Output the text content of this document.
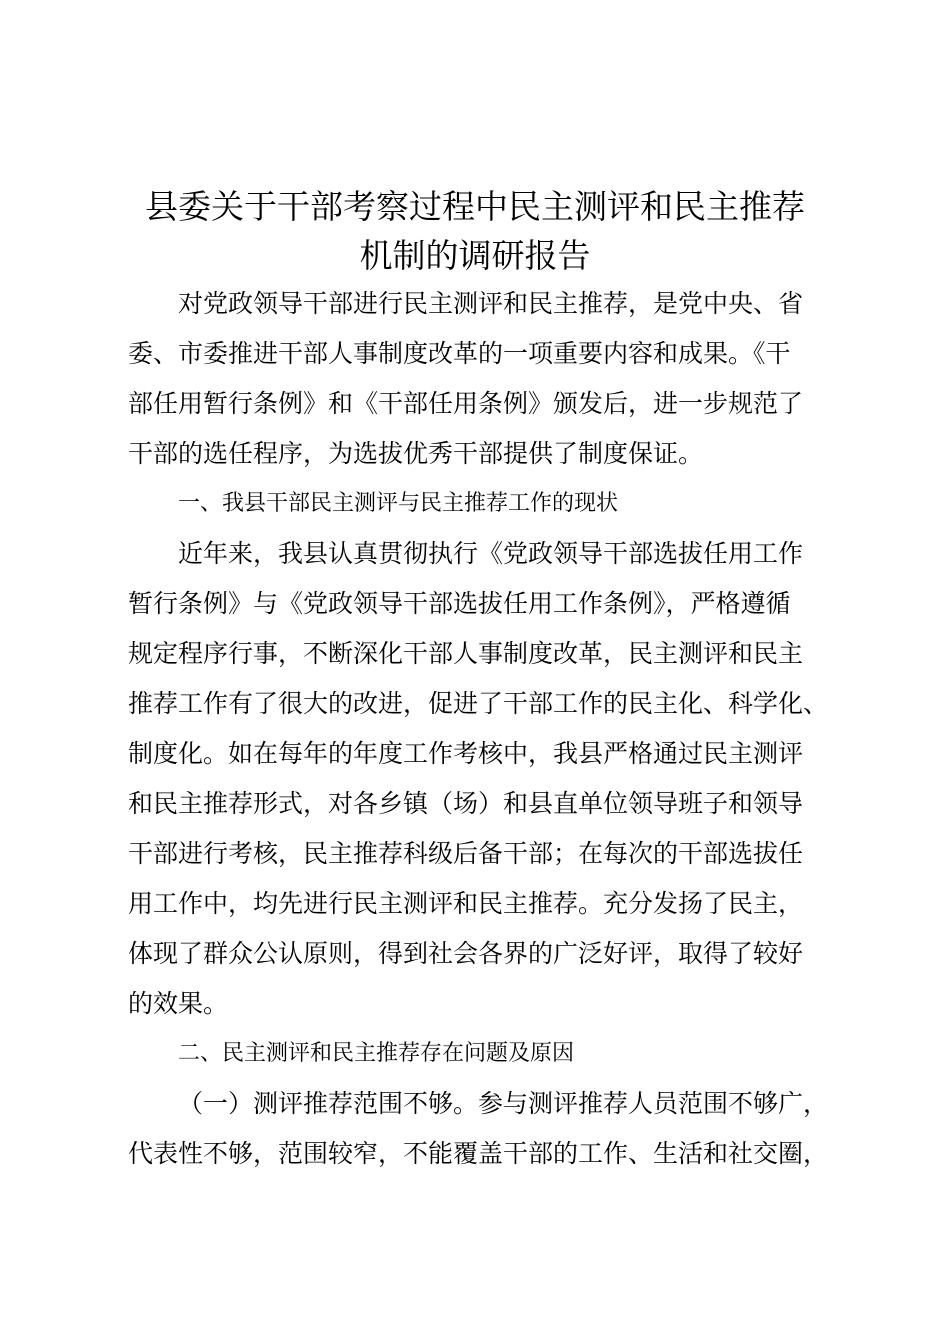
县委关于干部考察过程中民主测评和民主推荐
机制的调研报告
对党政领导干部进行民主测评和民主推荐，是党中央、省
委、市委推进干部人事制度改革的一项重要内容和成果。《干
部任用暂行条例》和《干部任用条例》颁发后，进一步规范了
干部的选任程序，为选拔优秀干部提供了制度保证。
一、我县干部民主测评与民主推荐工作的现状
近年来，我县认真贯彻执行《党政领导干部选拔任用工作
暂行条例》与《党政领导干部选拔任用工作条例》，严格遵循
规定程序行事，不断深化干部人事制度改革，民主测评和民主
推荐工作有了很大的改进，促进了干部工作的民主化、科学化、
制度化。如在每年的年度工作考核中，我县严格通过民主测评
和民主推荐形式，对各乡镇（场）和县直单位领导班子和领导
干部进行考核，民主推荐科级后备干部；在每次的干部选拔任
用工作中，均先进行民主测评和民主推荐。充分发扬了民主，
体现了群众公认原则，得到社会各界的广泛好评，取得了较好
的效果。
二、民主测评和民主推荐存在问题及原因
（一）测评推荐范围不够。参与测评推荐人员范围不够广，
代表性不够，范围较窄，不能覆盖干部的工作、生活和社交圈，
